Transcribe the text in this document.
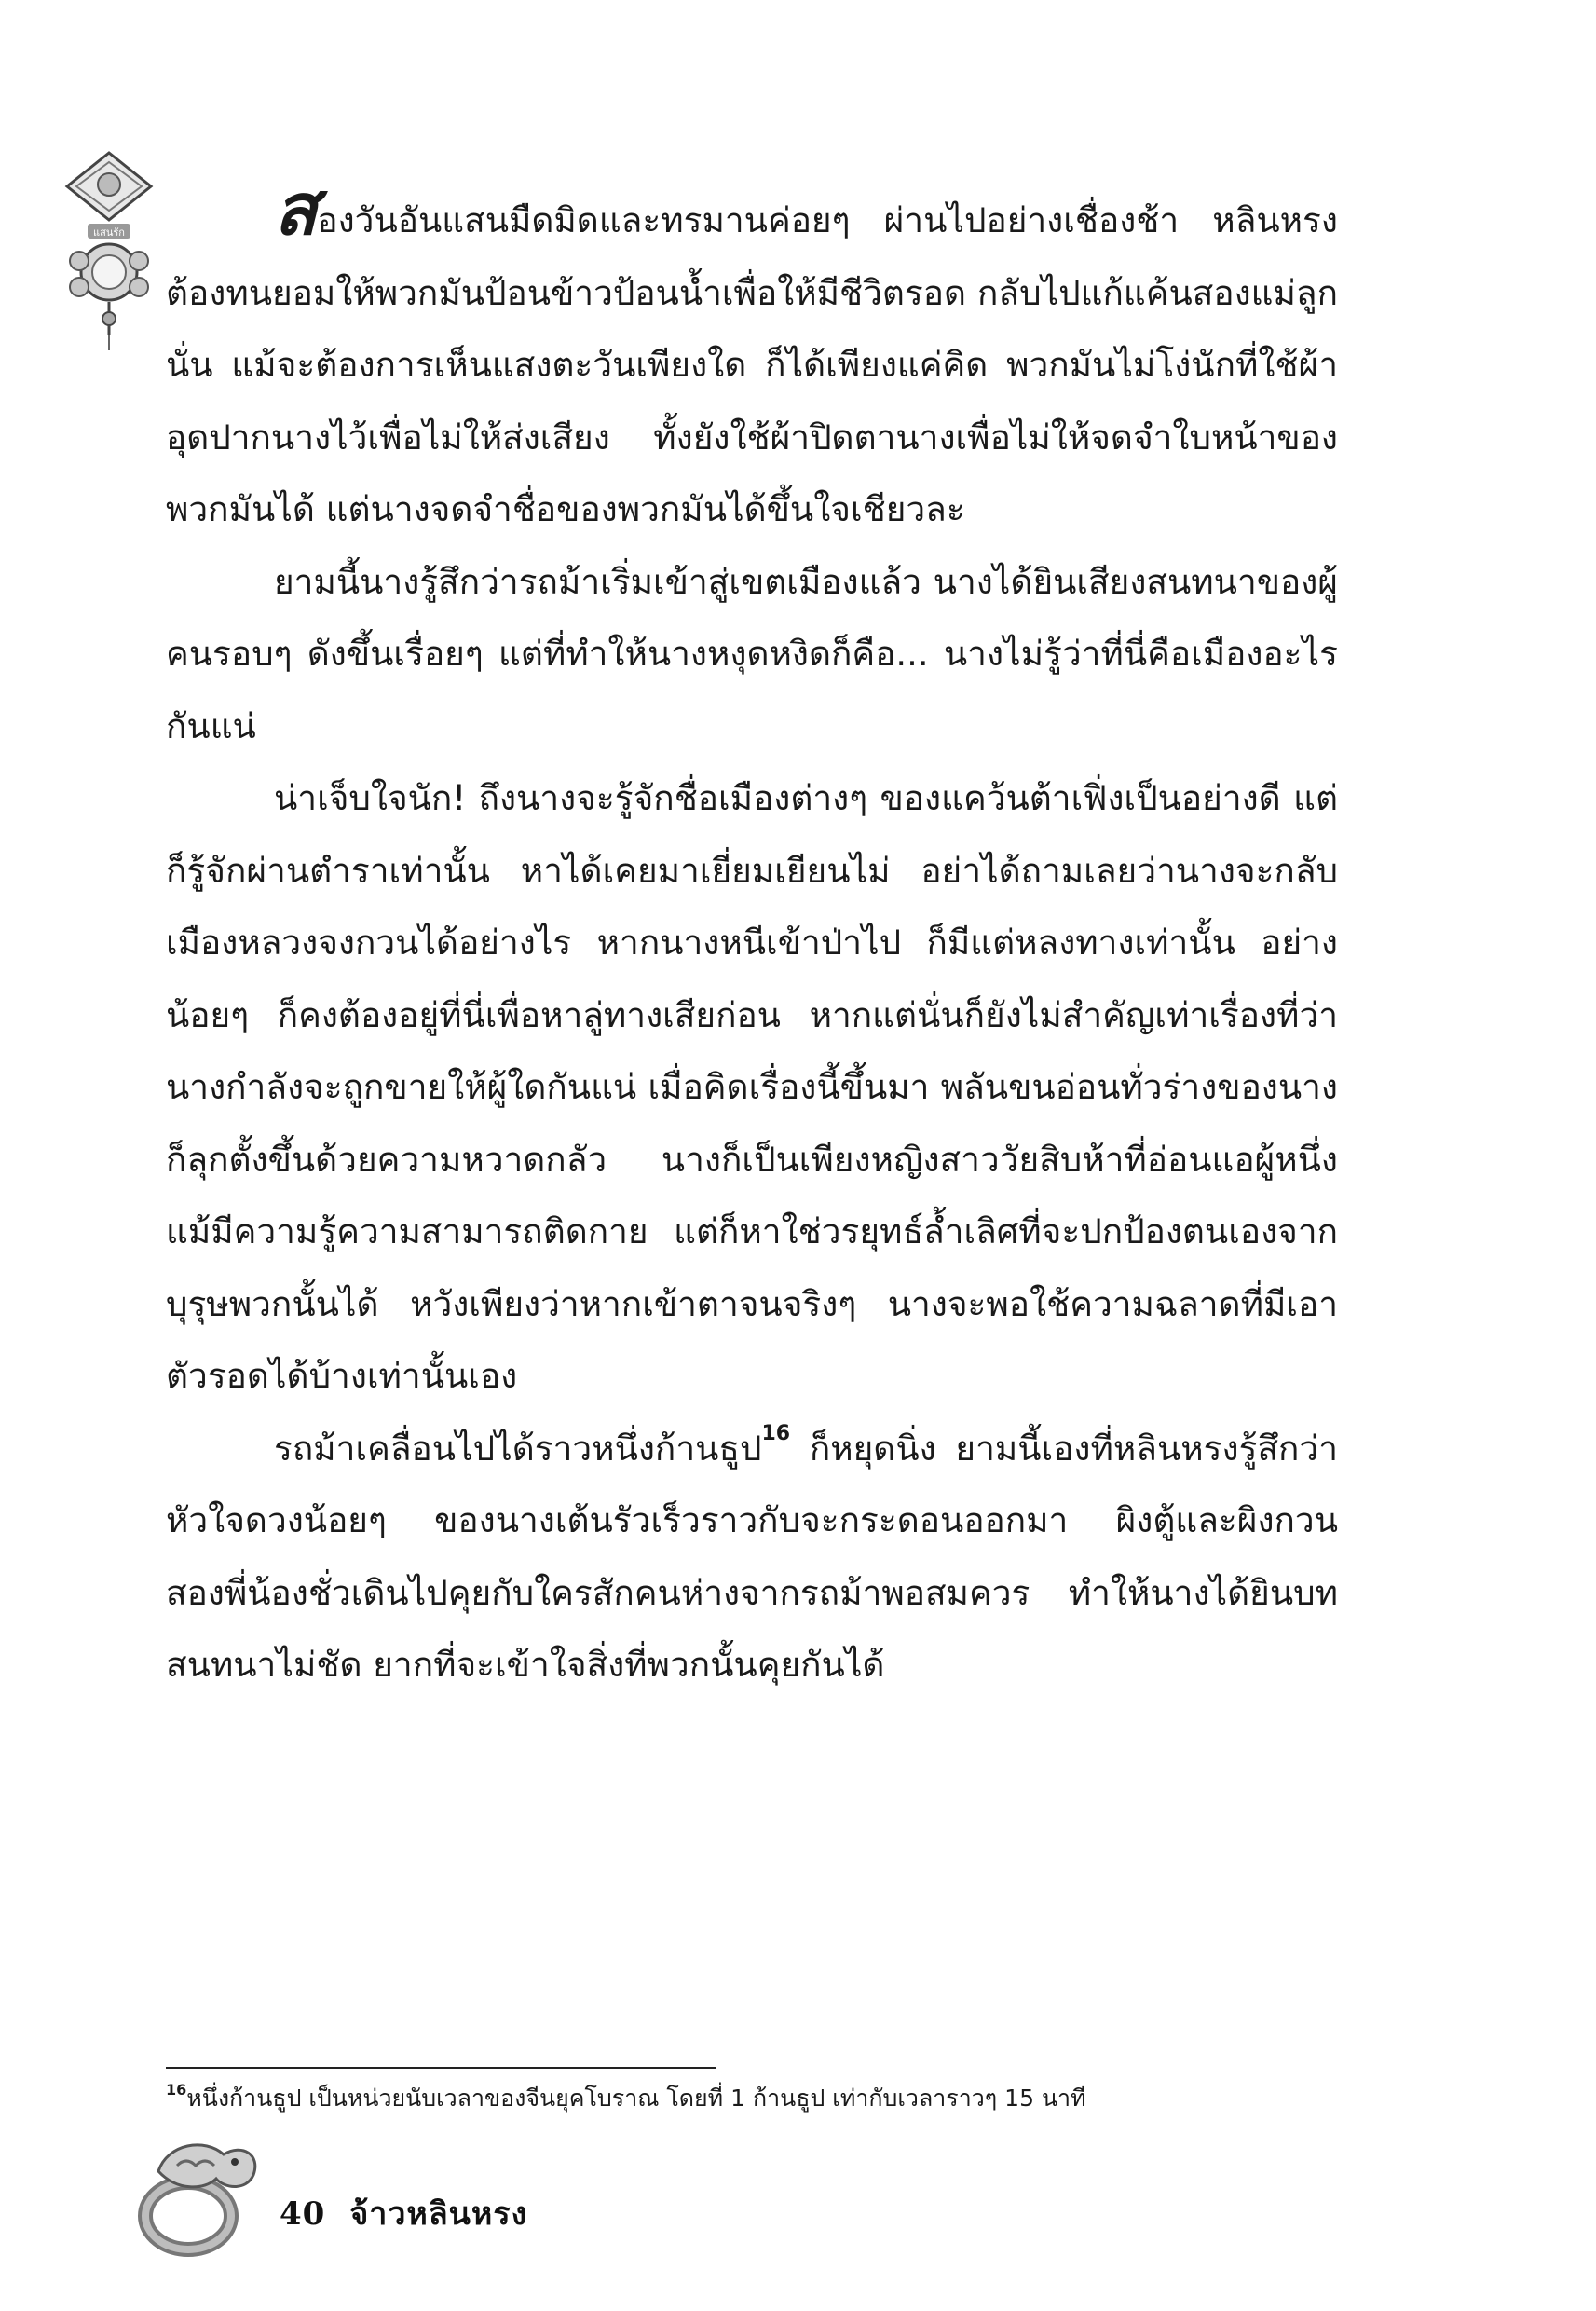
แสนรัก	สองวันอันแสนมืดมิดและทรมานค่อยๆ ผ่านไปอย่างเชื่องช้า หลินหรงต้องทนยอมให้พวกมันป้อนข้าวป้อนน้ำเพื่อให้มีชีวิตรอด กลับไปแก้แค้นสองแม่ลูกนั่น แม้จะต้องการเห็นแสงตะวันเพียงใด ก็ได้เพียงแค่คิด พวกมันไม่โง่นักที่ใช้ผ้าอุดปากนางไว้เพื่อไม่ให้ส่งเสียง ทั้งยังใช้ผ้าปิดตานางเพื่อไม่ให้จดจำใบหน้าของพวกมันได้ แต่นางจดจำชื่อของพวกมันได้ขึ้นใจเชียวละ

ยามนี้นางรู้สึกว่ารถม้าเริ่มเข้าสู่เขตเมืองแล้ว นางได้ยินเสียงสนทนาของผู้คนรอบๆ ดังขึ้นเรื่อยๆ แต่ที่ทำให้นางหงุดหงิดก็คือ... นางไม่รู้ว่าที่นี่คือเมืองอะไรกันแน่

น่าเจ็บใจนัก! ถึงนางจะรู้จักชื่อเมืองต่างๆ ของแคว้นต้าเฟิ่งเป็นอย่างดี แต่ก็รู้จักผ่านตำราเท่านั้น หาได้เคยมาเยี่ยมเยียนไม่ อย่าได้ถามเลยว่านางจะกลับเมืองหลวงจงกวนได้อย่างไร หากนางหนีเข้าป่าไป ก็มีแต่หลงทางเท่านั้น อย่างน้อยๆ ก็คงต้องอยู่ที่นี่เพื่อหาลู่ทางเสียก่อน หากแต่นั่นก็ยังไม่สำคัญเท่าเรื่องที่ว่านางกำลังจะถูกขายให้ผู้ใดกันแน่ เมื่อคิดเรื่องนี้ขึ้นมา พลันขนอ่อนทั่วร่างของนางก็ลุกตั้งขึ้นด้วยความหวาดกลัว นางก็เป็นเพียงหญิงสาววัยสิบห้าที่อ่อนแอผู้หนึ่ง แม้มีความรู้ความสามารถติดกาย แต่ก็หาใช่วรยุทธ์ล้ำเลิศที่จะปกป้องตนเองจากบุรุษพวกนั้นได้ หวังเพียงว่าหากเข้าตาจนจริงๆ นางจะพอใช้ความฉลาดที่มีเอาตัวรอดได้บ้างเท่านั้นเอง

รถม้าเคลื่อนไปได้ราวหนึ่งก้านธูป$^{16}$ ก็หยุดนิ่ง ยามนี้เองที่หลินหรงรู้สึกว่าหัวใจดวงน้อยๆ ของนางเต้นรัวเร็วราวกับจะกระดอนออกมา ผิงตู้และผิงกวนสองพี่น้องชั่วเดินไปคุยกับใครสักคนห่างจากรถม้าพอสมควร ทำให้นางได้ยินบทสนทนาไม่ชัด ยากที่จะเข้าใจสิ่งที่พวกนั้นคุยกันได้

$^{16}$หนึ่งก้านธูป เป็นหน่วยนับเวลาของจีนยุคโบราณ โดยที่ 1 ก้านธูป เท่ากับเวลาราวๆ 15 นาที
40 จ้าวหลินหรง
